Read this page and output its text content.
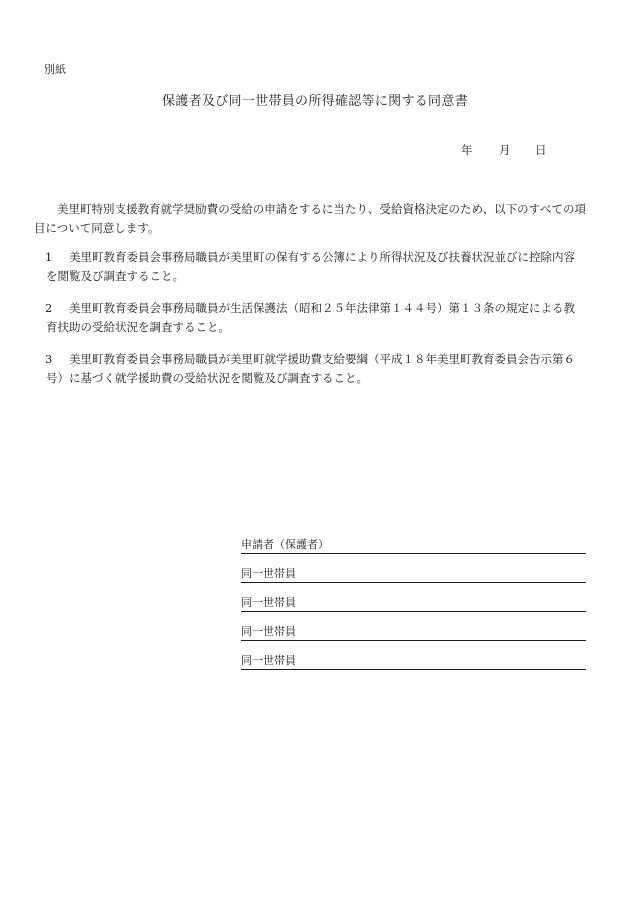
別紙
保護者及び同一世帯員の所得確認等に関する同意書
年 月 日

美里町特別支援教育就学奨励費の受給の申請をするに当たり、受給資格決定のため、以下のすべての項目について同意します。

1	美里町教育委員会事務局職員が美里町の保有する公簿により所得状況及び扶養状況並びに控除内容を閲覧及び調査すること。
2	美里町教育委員会事務局職員が生活保護法（昭和２５年法律第１４４号）第１３条の規定による教育扶助の受給状況を調査すること。
3	美里町教育委員会事務局職員が美里町就学援助費支給要綱（平成１８年美里町教育委員会告示第６号）に基づく就学援助費の受給状況を閲覧及び調査すること。
申請者（保護者）
同一世帯員
同一世帯員
同一世帯員
同一世帯員
